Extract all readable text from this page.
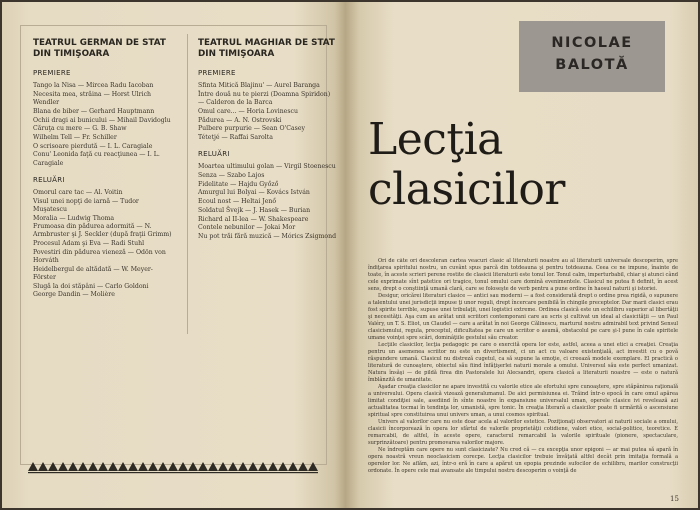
TEATRUL GERMAN DE STAT
DIN TIMIŞOARA
PREMIERE
Tango la Nisa — Mircea Radu Iacoban
Necesita mea, străina — Horst Ulrich Wendler
Blana de biber — Gerhard Hauptmann
Ochii dragi ai bunicului — Mihail Davidoglu
Căruţa cu mere — G. B. Shaw
Wilhelm Tell — Fr. Schiller
O scrisoare pierdută — I. L. Caragiale
Conu' Leonida faţă cu reacţiunea — I. L. Caragiale
RELUĂRI
Omorul care tac — Al. Voitin
Visul unei nopţi de iarnă — Tudor Muşatescu
Moralia — Ludwig Thoma
Frumoasa din pădurea adormită — N. Armbruster şi J. Seckler (după fraţii Grimm)
Procesul Adam şi Eva — Radi Stuhl
Povestiri din pădurea vienezǎ — Odön von Horváth
Heidelbergul de altădată — W. Meyer-Förster
Slugă la doi stăpâni — Carlo Goldoni
George Dandin — Molière
TEATRUL MAGHIAR DE STAT
DIN TIMIŞOARA
PREMIERE
Sfinta Mitică Blajinu' — Aurel Baranga
Între două nu te pierzi (Doamna Spiridon) — Calderon de la Barca
Omul care... — Horia Lovinescu
Pădurea — A. N. Ostrovski
Pulbere purpurie — Sean O'Casey
Tétetjé — Raffai Sarolta
RELUĂRI
Moartea ultimului golan — Virgil Stoenescu
Senza — Szabo Lajos
Fidelitate — Hajdu Győző
Amurgul lui Bolyai — Kovács István
Ecoul nost — Heltai Jenő
Soldatul Švejk — J. Hasek — Burian
Richard al II-lea — W. Shakespeare
Contele nebunilor — Jokai Mor
Nu pot trăi fără muzică — Mórics Zsigmond
NICOLAE
BALOTĂ
Lecţia
clasicilor

Ori de câte ori descoleran cartea veacuri clasic al literaturii noastre au al literaturii universale descoperim, spre îndiţarea spiritului nostru, un cuvânt spus parcă din totdeauna şi pentru totdeauna. Ceea ce ne impune, înainte de toate, în aceste scrieri perene rostite de clasicii literaturii este tonul lor. Tonul calm, imperturbabil, chiar şi atunci când cele exprimate sînt patetice ori tragice, tonul omului care domină evenimentele. Clasicul ne putea fi definit, în acest sens, drept o conştiinţă umană clară, care se foloseşte de verb pentru a pune ordine în haosul naturii şi istoriei.

Desigur, oricărei literaturi clasice — antici sau moderni — a fost considerată drept o ordine prea rigidă, o supunere a talentului unei jurisdicţii impuse ţi unor reguli, drept încercare penibilă în chingile preceptelor. Dar marii clasici erau fost spirite terrible, supuse unei tribulaţii, unei logistici extreme. Ordinea clasică este un echilibru superior al libertăţii şi necesităţii. Aşa cum au arătat unii scriitori contemporani care au scris şi cultivat un ideal al clasicităţii — un Paul Valéry, un T. S. Eliot, un Claudel — care a arătat în noi George Călinescu, marturul nostru admirabil text privind Sensul clasicismului, regula, preceptul, dificultatea pe care un scriitor o asumă, obstacolul pe care şi-l pune în cale spiritele umane voinţei spre scări, dominâţiile gestului său creator.

Lecţiile clasicilor, lecţia pedagogic pe care o exercită opera lor este, astfel, aceea a unei etici a creaţiei. Creaţia pentru un asemenea scriitor nu este un divertisment, ci un act cu valoare existenţială, act investit cu o povă răspundere umană. Clasicul nu distreză cugetul, ca să supune la emoţie, ci creează modele exemplare. El practică o literatură de cunoaştere, obiectul său fiind înfăţişerlei naturii morale a omului. Universul său este perfect umanizat. Natura însăşi — de pildă firea din Pastoralele lui Alecsandri, opera clasică a literaturii noastre — este o natură îmblânzită de umanitate.

Aşadar creaţia clasicilor ne apare investită cu valorile etice ale efortului spre cunoaştere, spre stăpânirea raţională a universului. Opera clasică vizează generalumanul. De aici permisiunea ei. Trăind într-o epocă în care omul apărea limitat condiţiei sale, asediind în sînte noastre în expansiune universalul uman, operele clasice ivi revelează azi actualitatea tocmai în tendinţa lor, umanistă, spre tonic. În creaţia literară a clasicilor poate fi urmărită o ascensiune spiritual spre constituirea unui univers uman, a unui cosmos spiritual.

Univers al valorilor care nu este doar acela al valorilor estetice. Poziţionaţi observatori ai naturii sociale a omului, clasicii încorporează în opera lor sfârtul de valorile proprietăţii cotidiene, valori etice, social-politice, teoretice. E remarcabil, de altfel, în aceste opere, caracterul remarcabil la valorile spirituale (pionere, spectaculare, surprinzătoare) pentru promovarea valorilor majore.

Ne îndreptăm care opere nu sunt clasicizate? Nu cred că — cu excepţia unor epigoni — ar mai putea să apară în opera noastră vreun neoclasicism corecpe. Lecţia clasicilor trebuie învăţată altfel decât prin imitaţia formală a operelor lor. Ne aflăm, azi, într-o eră în care a apărut un epopia prezinde sufocilor de echilibru, marilor construcţii ordonate. În opere cele mai avansate ale timpului nostru descoperim o voinţă de

15
